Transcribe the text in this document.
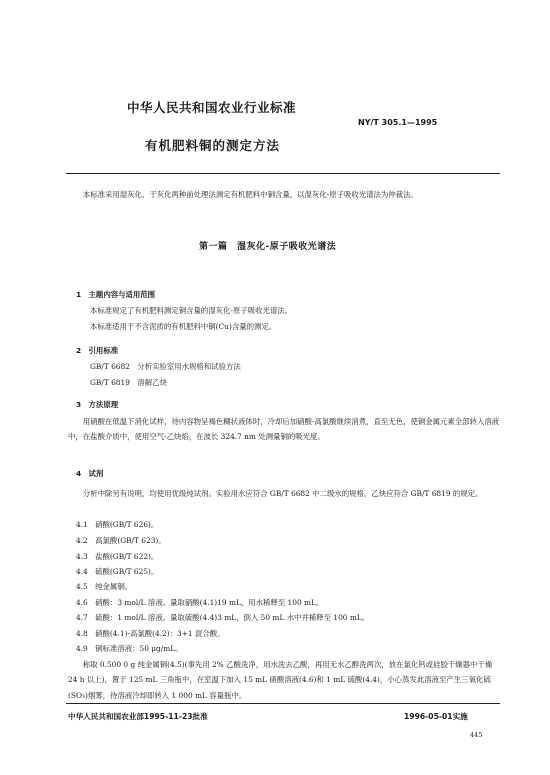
中华人民共和国农业行业标准
NY/T 305.1—1995
有机肥料铜的测定方法
本标准采用湿灰化、干灰化两种前处理法测定有机肥料中铜含量，以湿灰化-原子吸收光谱法为仲裁法。
第一篇　湿灰化-原子吸收光谱法
1　主题内容与适用范围
本标准规定了有机肥料测定铜含量的湿灰化-原子吸收光谱法。
本标准适用于不含泥质的有机肥料中铜(Cu)含量的测定。
2　引用标准
GB/T 6682　分析实验室用水规格和试验方法
GB/T 6819　溶解乙炔
3　方法原理
用硝酸在低温下消化试样，待内容物呈褐色糊状液体时，冷却后加硝酸-高氯酸继续消煮，直至无色，使铜金属元素全部转入溶液中，在盐酸介质中，使用空气-乙炔焰，在波长 324.7 nm 处测量铜的吸光度。
4　试剂
分析中除另有说明，均使用优级纯试剂。实验用水应符合 GB/T 6682 中二级水的规格，乙炔应符合 GB/T 6819 的规定。
4.1　硝酸(GB/T 626)。
4.2　高氯酸(GB/T 623)。
4.3　盐酸(GB/T 622)。
4.4　硫酸(GB/T 625)。
4.5　纯金属铜。
4.6　硝酸：3 mol/L 溶液。量取硝酸(4.1)19 mL，用水稀释至 100 mL。
4.7　硫酸：1 mol/L 溶液。量取硫酸(4.4)3 mL，倒入 50 mL 水中并稀释至 100 mL。
4.8　硝酸(4.1)-高氯酸(4.2)：3+1 混合酸。
4.9　铜标准溶液：50 μg/mL。
称取 0.500 0 g 纯金属铜(4.5)(事先用 2% 乙酸洗净，用水洗去乙酸，再用无水乙醇洗两次，放在氯化钙或硅胶干燥器中干燥 24 h 以上)，置于 125 mL 三角瓶中，在室温下加入 15 mL 硝酸溶液(4.6)和 1 mL 硫酸(4.4)，小心蒸发此溶液至产生三氧化硫(SO₃)烟雾，待溶液冷却即转入 1 000 mL 容量瓶中。
中华人民共和国农业部1995-11-23批准	1996-05-01实施
445
